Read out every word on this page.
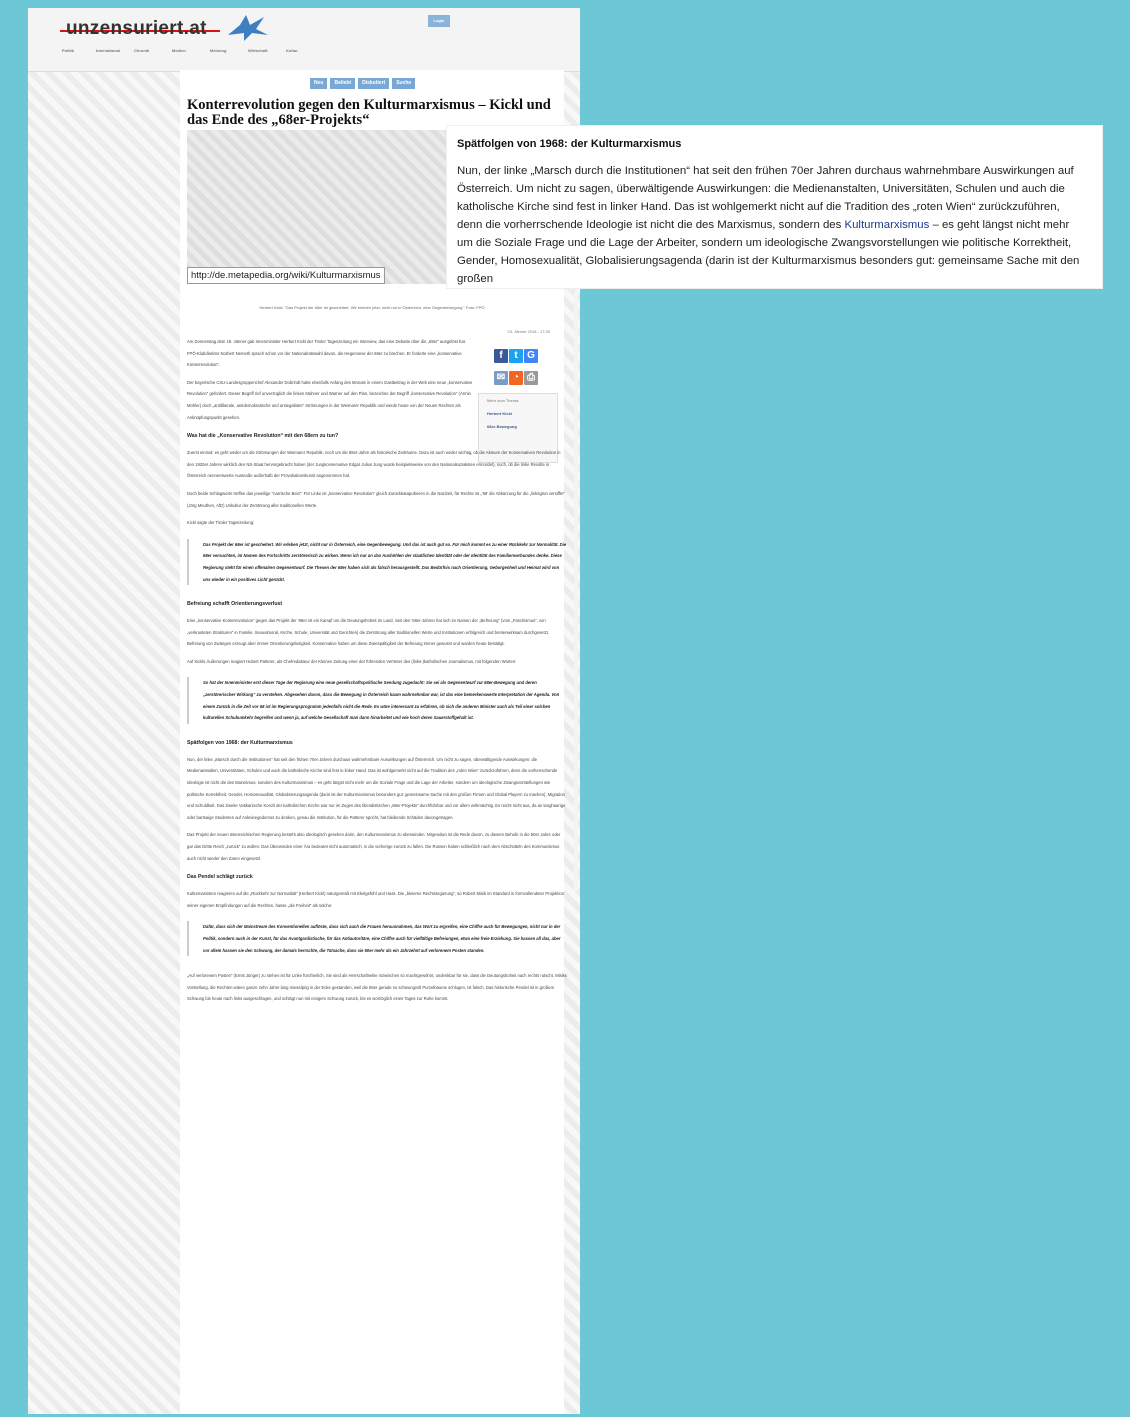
unzensuriert.at	Login
Politik	International	Chronik	Medien	Meinung	Wirtschaft	Kultur
Neu	Beliebt	Diskutiert	Suche
Konterrevolution gegen den Kulturmarxismus – Kickl und das Ende des „68er-Projekts“
http://de.metapedia.org/wiki/Kulturmarxismus
Herbert Kickl: "Das Projekt der 68er ist gescheitert. Wir erleben jetzt, nicht nur in Österreich, eine Gegenbewegung." Foto: FPÖ
23. Jänner 2018 - 17:30
f t G
✉ ◔ ⎙
Mehr zum Thema
Herbert Kickl
68er-Bewegung

Am Donnerstag dem 18. Jänner gab Innenminister Herbert Kickl der Tiroler Tageszeitung ein Interview, das eine Debatte über die „68er“ ausgelöst hat. FPÖ-Klubdirektor Norbert Nemeth sprach schon vor der Nationalratswahl davon, die Hegemonie der 68er zu brechen. Er forderte eine „konservative Konterrevolution“.

Der bayerische CSU-Landesgruppenchef Alexander Dobrindt hatte ebenfalls Anfang des Monats in einem Gastbeitrag in der Welt eine neue „konservative Revolution“ gefordert. Dieser Begriff rief unverzüglich die linken Mahner und Warner auf den Plan, bezeichne der Begriff „konservative Revolution“ (Armin Mohler) doch „antiliberale, antidemokratische und antiegalitäre“ Strömungen in der Weimarer Republik und werde heute von der Neuen Rechten als Anknüpfungspunkt gesehen.

Was hat die „Konservative Revolution“ mit den 68ern zu tun?

Zuerst einmal: es geht weder um die Strömungen der Weimarer Republik, noch um die 68er-Jahre als historische Zeiträume. Dazu ist auch weder wichtig, ob die Akteure der Konservativen Revolution in den 1920er Jahren wirklich den NS-Staat hervorgebracht haben (der Jungkonservative Edgar Julius Jung wurde beispielsweise von den Nationalsozialisten ermordet), noch, ob die linke Revolte in Österreich nennenswerte Ausmaße außerhalb der Provokationskunst angenommen hat.

Doch beide Schlagworte treffen das jeweilige "narrische Bein": Für Linke ist „konservative Revolution“ gleich Zurückkatapultieren in die Nazizeit, für Rechte ist „'68' die Abkürzung für die „linksgrün versiffte“ (Jörg Meuthen, AfD) Unkultur der Zerstörung aller traditionellen Werte.

Kickl sagte der Tiroler Tageszeitung:

Das Projekt der 68er ist gescheitert. Wir erleben jetzt, nicht nur in Österreich, eine Gegenbewegung. Und das ist auch gut so. Für mich kommt es zu einer Rückkehr zur Normalität. Die 68er versuchten, im Namen des Fortschritts zerstörerisch zu wirken. Wenn ich nur an das Aushöhlen der staatlichen Identität oder der Identität des Familienverbundes denke. Diese Regierung steht für einen offenalren Gegenentwurf. Die Thesen der 68er haben sich als falsch herausgestellt. Das Bedürfnis nach Orientierung, Geborgenheit und Heimat wird von uns wieder in ein positives Licht gerückt.
Befreiung schafft Orientierungsverlust

Eine „konservative Konterrevolution“ gegen das Projekt der '68er ist ein Kampf um die Deutungshoheit im Land. Seit den '68er-Jahren hat sich im Namen der „Befreiung“ (vom „Faschismus“, von „verkrusteten Strukturen“ in Familie, Sexualmoral, Kirche, Schule, Universität und Gerichten) die Zerstörung aller traditionellen Werte und Institutionen erfolgreich und breitenwirksam durchgesetzt. Befreiung von Zwängen erzeugt aber immer Orientierungslosigkeit. Konservative haben um diese Zwiespältigkeit der Befreiung immer gewusst und warden heute bestätigt.

Auf Kickls Äußerungen reagiert Hubert Patterer, als Chefredakteur der Kleinen Zeitung einer der führenden Vertreter des (links-)katholischen Journalismus, mit folgenden Worten:

So hat der Innenminister erst dieser Tage der Regierung eine neue gesellschaftspolitische Sendung zugedacht: Sie sei als Gegenentwurf zur 68er-Bewegung und deren „zerstörerischer Wirkung“ zu verstehen. Abgesehen davon, dass die Bewegung in Österreich kaum wahrnehmbar war, ist das eine bemerkenswerte Interpretation der Agenda. Von einem Zurück in die Zeit vor 68 ist im Regierungsprogramm jedenfalls nicht die Rede. Es wäre interessant zu erfahren, ob sich die anderen Minister auch als Teil einer solchen kulturellen Schubumkehr begreifen und wenn ja, auf welche Gesellschaft man dann hinarbeitet und wie hoch deren Sauerstoffgehalt ist.
Spätfolgen von 1968: der Kulturmarxismus

Nun, der linke „Marsch durch die Institutionen“ hat seit den frühen 70er Jahren durchaus wahrnehmbare Auswirkungen auf Österreich. Um nicht zu sagen, überwältigende Auswirkungen: die Medienanstalten, Universitäten, Schulen und auch die katholische Kirche sind fest in linker Hand. Das ist wohlgemerkt nicht auf die Tradition des „roten Wien“ zurückzuführen, denn die vorherrschende Ideologie ist nicht die des Marxismus, sondern des Kulturmarxismus – es geht längst nicht mehr um die Soziale Frage und die Lage der Arbeiter, sondern um ideologische Zwangsvorstellungen wie politische Korrektheit, Gender, Homosexualität, Globalisierungsagenda (darin ist der Kulturmarxismus besonders gut: gemeinsame Sache mit den großen Firmen und Global Playern zu machen), Migration und Schuldkult. Das Zweite Vatikanische Konzil der katholischen Kirche war nur im Zuges des liberalistischen „68er-Projekts“ durchführbar und vor allem wirkmächtig. Es reicht nicht aus, da an langhaarige oder bartsaige Studenten auf Anknieegedemos zu denken, genau die Institution, für die Patterer spricht, hat bleibende Schäden davongetragen.

Das Projekt der neuen österreichischen Regierung besteht also ideologisch gesehen darin, den Kulturmarxismus zu überwinden. Nirgendwo ist die Rede davon, zu diesem Behufe in die 50er Jahre oder gar das Dritte Reich „zurück“ zu wollen. Das Überwinden einer Ära bedeutet nicht automatisch, in die vorherige zurück zu fallen. Die Russen haben schließlich nach dem Abschütteln des Kommunismus auch nicht wieder den Zaren eingesetzt.

Das Pendel schlägt zurück

Kulturmarxisten reagieren auf die „Rückkehr zur Normalität“ (Herbert Kickl) naturgemäß mit Ekelgefühl und Hass. Die „bleierne Rechtsregierung“, so Robert Misik im Standard in formvollendeter Projektion seiner eigenen Empfindungen auf die Rechten, hasse „die Freiheit“ als solche:

Dafür, dass sich der Mainstream des Konventionellen auflöste, dass sich auch die Frauen herausnahmen, das Wort zu ergreifen, eine Chiffre auch für Bewegungen, nicht nur in der Politik, sondern auch in der Kunst, für das Avantgardistische, für das Antiautoritäre, eine Chiffre auch für vielfältige Befreiungen, etwa eine freie Erziehung. Sie hassen all das, aber vor allem hassen sie den Schwung, der damals herrschte, die Tatsache, dass sie 50er mehr als ein Jahrzehnt auf verlorenem Posten standen.

„Auf verlorenem Posten“ (Ernst Jünger) zu stehen ist für Linke fürchterlich. Sie sind als Herrschaftselite inzwischen so machtgewöhnt, undenkbar für sie, dass die Deutungshoheit nach rechts rutscht. Misiks Vorstellung, die Rechten wären ganze zehn Jahre lang mieselprig in der Ecke gestanden, weil die 68er gerade so schwungvoll Purzelbäume schlugen, ist falsch. Das historische Pendel ist in großem Schwung bis heute nach links ausgeschlagen, und schlägt nun mit einigem Schwung zurück, bis es womöglich eines Tages zur Ruhe kommt.

Spätfolgen von 1968: der Kulturmarxismus
Nun, der linke „Marsch durch die Institutionen“ hat seit den frühen 70er Jahren durchaus wahrnehmbare Auswirkungen auf Österreich. Um nicht zu sagen, überwältigende Auswirkungen: die Medienanstalten, Universitäten, Schulen und auch die katholische Kirche sind fest in linker Hand. Das ist wohlgemerkt nicht auf die Tradition des „roten Wien“ zurückzuführen, denn die vorherrschende Ideologie ist nicht die des Marxismus, sondern des Kulturmarxismus – es geht längst nicht mehr um die Soziale Frage und die Lage der Arbeiter, sondern um ideologische Zwangsvorstellungen wie politische Korrektheit, Gender, Homosexualität, Globalisierungsagenda (darin ist der Kulturmarxismus besonders gut: gemeinsame Sache mit den großen
